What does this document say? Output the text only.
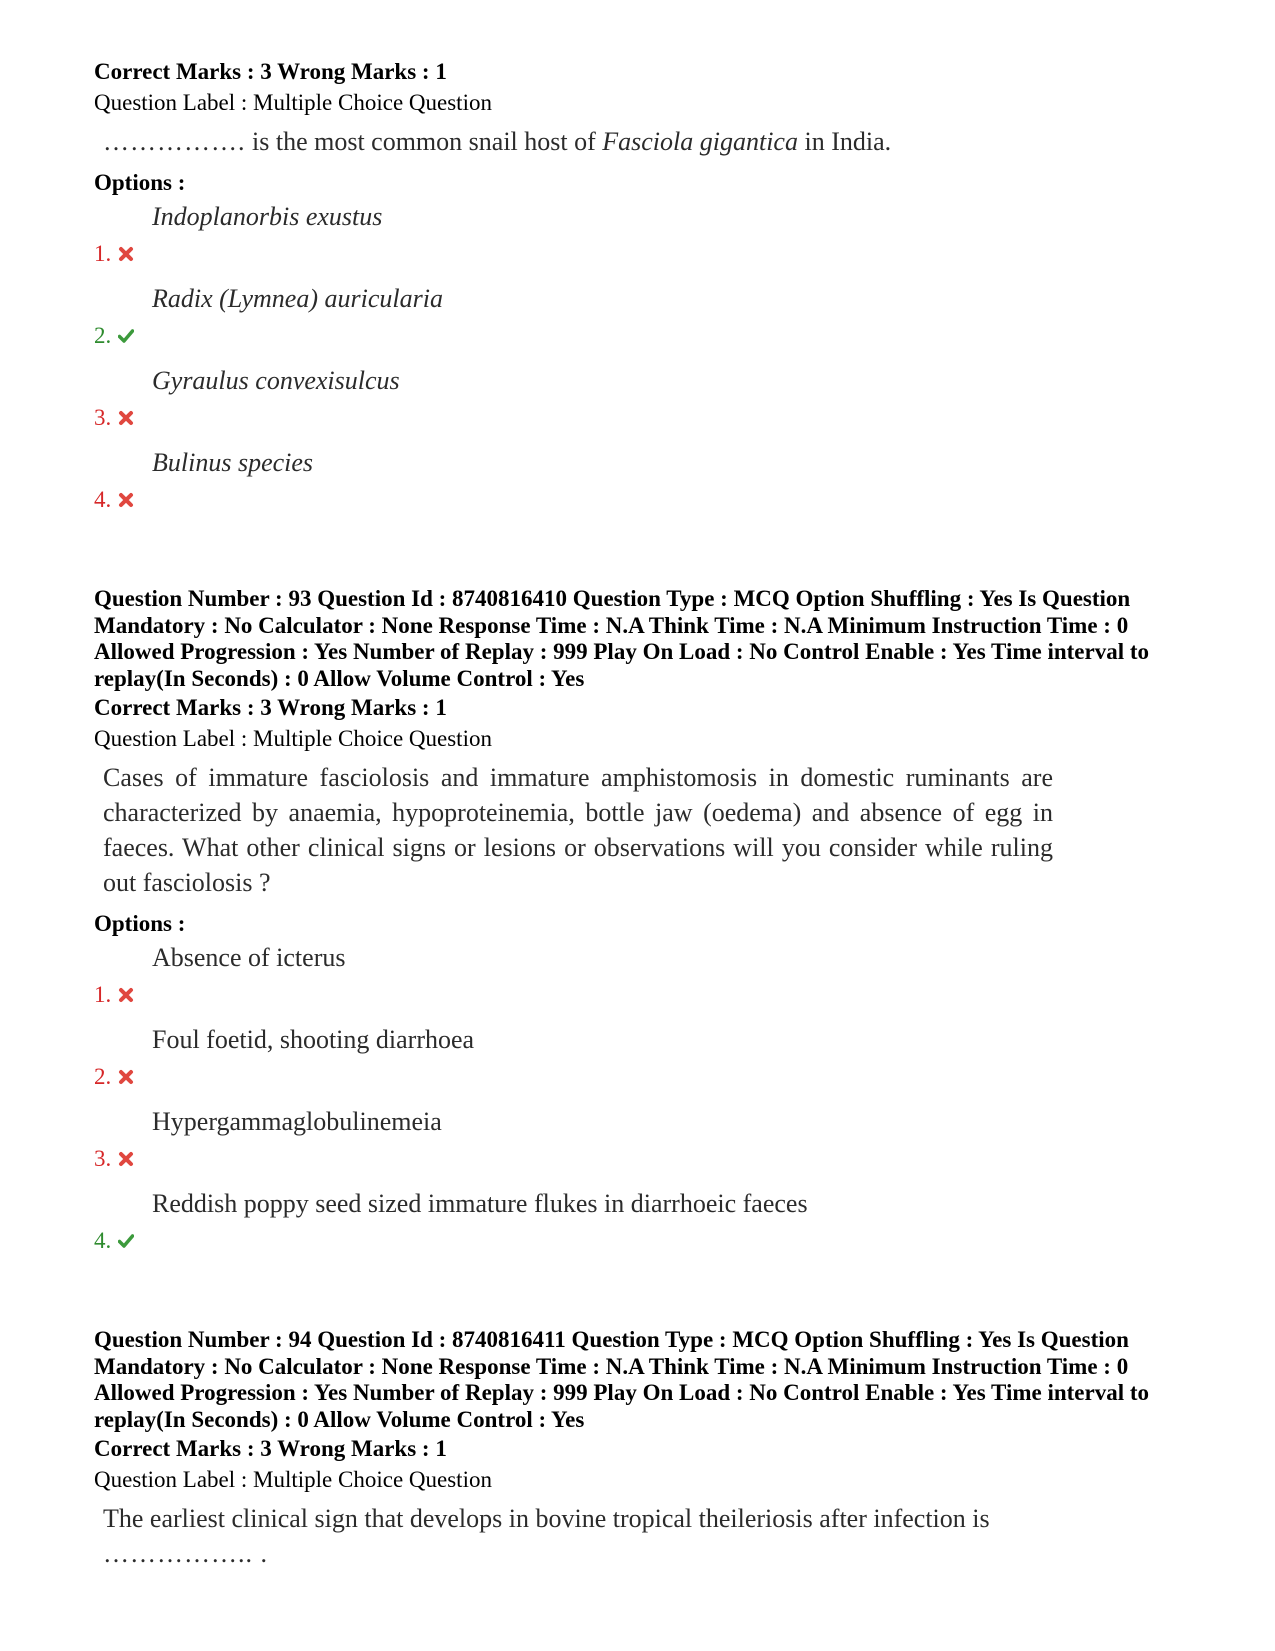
Correct Marks : 3 Wrong Marks : 1
Question Label : Multiple Choice Question
……………. is the most common snail host of Fasciola gigantica in India.
Options :
1.
Indoplanorbis exustus
2.
Radix (Lymnea) auricularia
3.
Gyraulus convexisulcus
4.
Bulinus species
Question Number : 93 Question Id : 8740816410 Question Type : MCQ Option Shuffling : Yes Is Question Mandatory : No Calculator : None Response Time : N.A Think Time : N.A Minimum Instruction Time : 0 Allowed Progression : Yes Number of Replay : 999 Play On Load : No Control Enable : Yes Time interval to replay(In Seconds) : 0 Allow Volume Control : Yes
Correct Marks : 3 Wrong Marks : 1
Question Label : Multiple Choice Question
Cases of immature fasciolosis and immature amphistomosis in domestic ruminants are characterized by anaemia, hypoproteinemia, bottle jaw (oedema) and absence of egg in faeces. What other clinical signs or lesions or observations will you consider while ruling out fasciolosis ?
Options :
1.
Absence of icterus
2.
Foul foetid, shooting diarrhoea
3.
Hypergammaglobulinemeia
4.
Reddish poppy seed sized immature flukes in diarrhoeic faeces
Question Number : 94 Question Id : 8740816411 Question Type : MCQ Option Shuffling : Yes Is Question Mandatory : No Calculator : None Response Time : N.A Think Time : N.A Minimum Instruction Time : 0 Allowed Progression : Yes Number of Replay : 999 Play On Load : No Control Enable : Yes Time interval to replay(In Seconds) : 0 Allow Volume Control : Yes
Correct Marks : 3 Wrong Marks : 1
Question Label : Multiple Choice Question
The earliest clinical sign that develops in bovine tropical theileriosis after infection is
…………….. .
